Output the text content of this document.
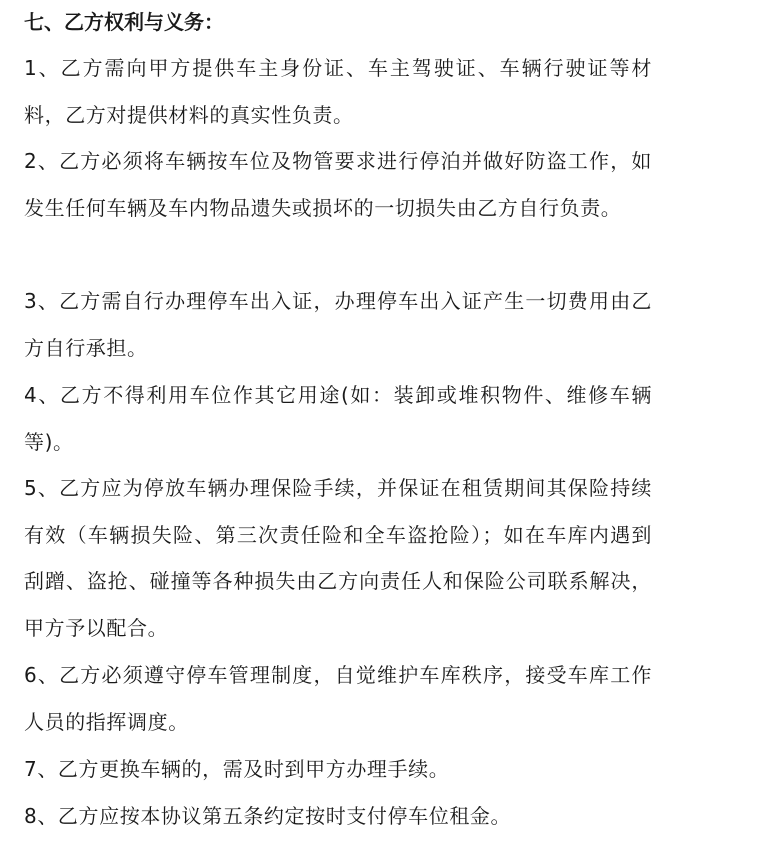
七、乙方权利与义务：

1、乙方需向甲方提供车主身份证、车主驾驶证、车辆行驶证等材料，乙方对提供材料的真实性负责。

2、乙方必须将车辆按车位及物管要求进行停泊并做好防盗工作，如发生任何车辆及车内物品遗失或损坏的一切损失由乙方自行负责。

3、乙方需自行办理停车出入证，办理停车出入证产生一切费用由乙方自行承担。

4、乙方不得利用车位作其它用途(如：装卸或堆积物件、维修车辆等)。

5、乙方应为停放车辆办理保险手续，并保证在租赁期间其保险持续有效（车辆损失险、第三次责任险和全车盗抢险）；如在车库内遇到刮蹭、盗抢、碰撞等各种损失由乙方向责任人和保险公司联系解决，甲方予以配合。

6、乙方必须遵守停车管理制度，自觉维护车库秩序，接受车库工作人员的指挥调度。

7、乙方更换车辆的，需及时到甲方办理手续。

8、乙方应按本协议第五条约定按时支付停车位租金。
